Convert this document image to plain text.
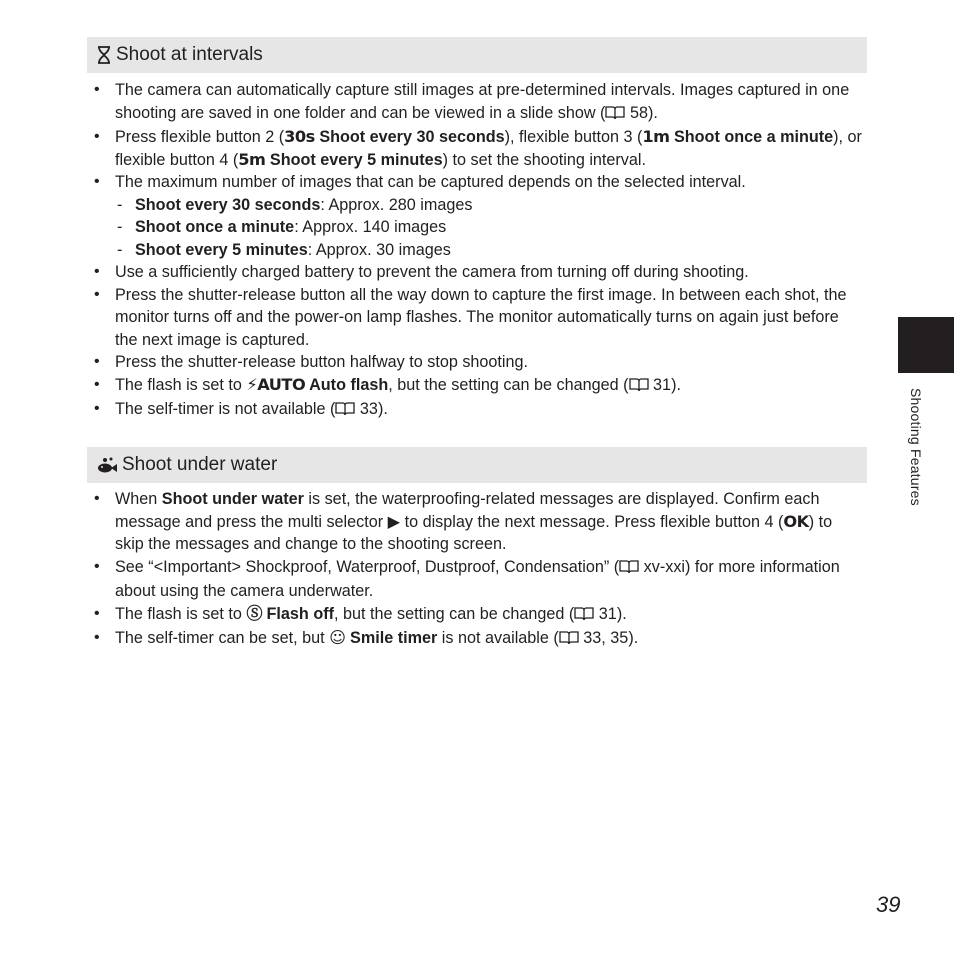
Shoot at intervals
• The camera can automatically capture still images at pre-determined intervals. Images captured in one shooting are saved in one folder and can be viewed in a slide show ( 58).
• Press flexible button 2 (30s Shoot every 30 seconds), flexible button 3 (1m Shoot once a minute), or flexible button 4 (5m Shoot every 5 minutes) to set the shooting interval.
• The maximum number of images that can be captured depends on the selected interval.
- Shoot every 30 seconds: Approx. 280 images
- Shoot once a minute: Approx. 140 images
- Shoot every 5 minutes: Approx. 30 images
• Use a sufficiently charged battery to prevent the camera from turning off during shooting.
• Press the shutter-release button all the way down to capture the first image. In between each shot, the monitor turns off and the power-on lamp flashes. The monitor automatically turns on again just before the next image is captured.
• Press the shutter-release button halfway to stop shooting.
• The flash is set to ⚡AUTO Auto flash, but the setting can be changed ( 31).
• The self-timer is not available ( 33).
Shoot under water
• When Shoot under water is set, the waterproofing-related messages are displayed. Confirm each message and press the multi selector ▶ to display the next message. Press flexible button 4 (OK) to skip the messages and change to the shooting screen.
• See “<Important> Shockproof, Waterproof, Dustproof, Condensation” ( xv-xxi) for more information about using the camera underwater.
• The flash is set to Ⓢ Flash off, but the setting can be changed ( 31).
• The self-timer can be set, but ☺ Smile timer is not available ( 33, 35).
Shooting Features
39
